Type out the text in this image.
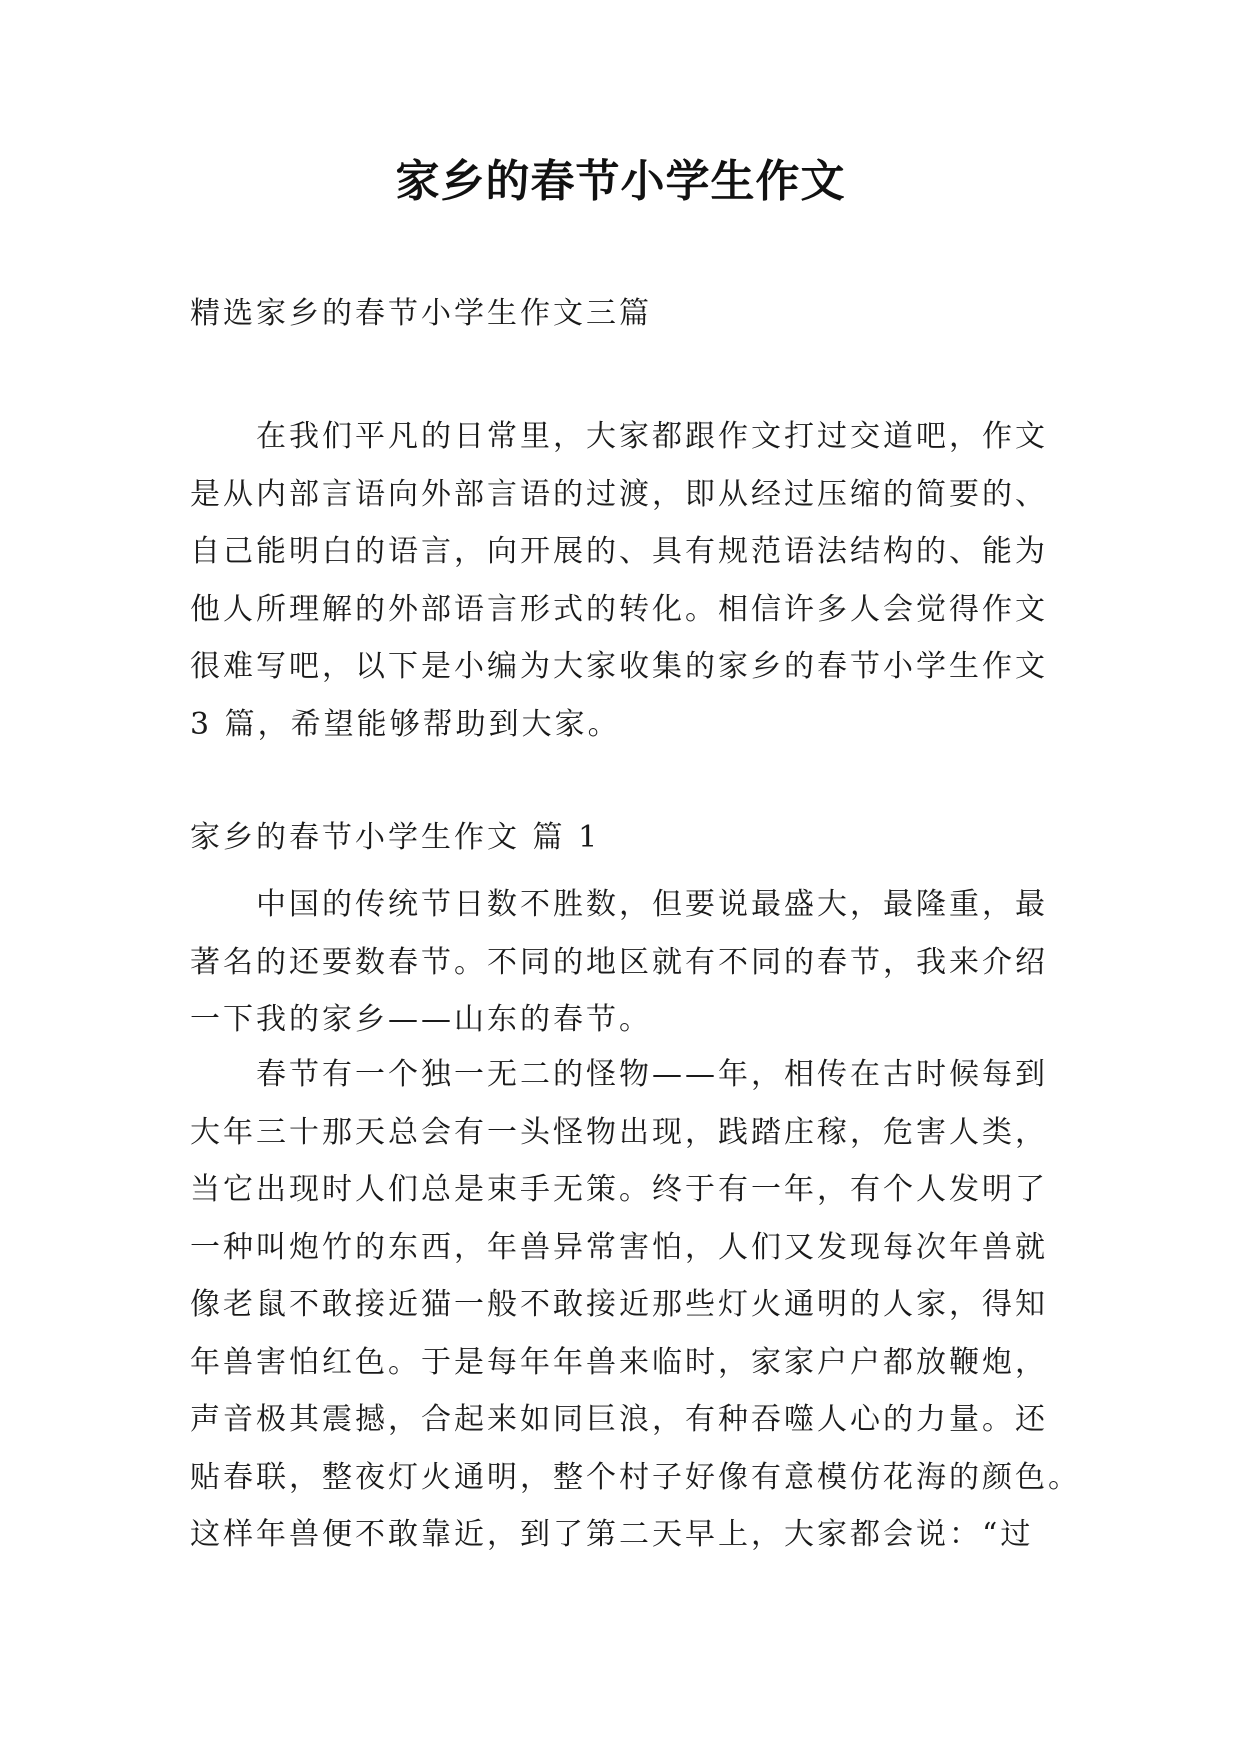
家乡的春节小学生作文
精选家乡的春节小学生作文三篇
在我们平凡的日常里，大家都跟作文打过交道吧，作文
是从内部言语向外部言语的过渡，即从经过压缩的简要的、
自己能明白的语言，向开展的、具有规范语法结构的、能为
他人所理解的外部语言形式的转化。相信许多人会觉得作文
很难写吧，以下是小编为大家收集的家乡的春节小学生作文
3 篇，希望能够帮助到大家。
家乡的春节小学生作文 篇 1
中国的传统节日数不胜数，但要说最盛大，最隆重，最
著名的还要数春节。不同的地区就有不同的春节，我来介绍
一下我的家乡——山东的春节。
春节有一个独一无二的怪物——年，相传在古时候每到
大年三十那天总会有一头怪物出现，践踏庄稼，危害人类，
当它出现时人们总是束手无策。终于有一年，有个人发明了
一种叫炮竹的东西，年兽异常害怕，人们又发现每次年兽就
像老鼠不敢接近猫一般不敢接近那些灯火通明的人家，得知
年兽害怕红色。于是每年年兽来临时，家家户户都放鞭炮，
声音极其震撼，合起来如同巨浪，有种吞噬人心的力量。还
贴春联，整夜灯火通明，整个村子好像有意模仿花海的颜色。
这样年兽便不敢靠近，到了第二天早上，大家都会说：“过
